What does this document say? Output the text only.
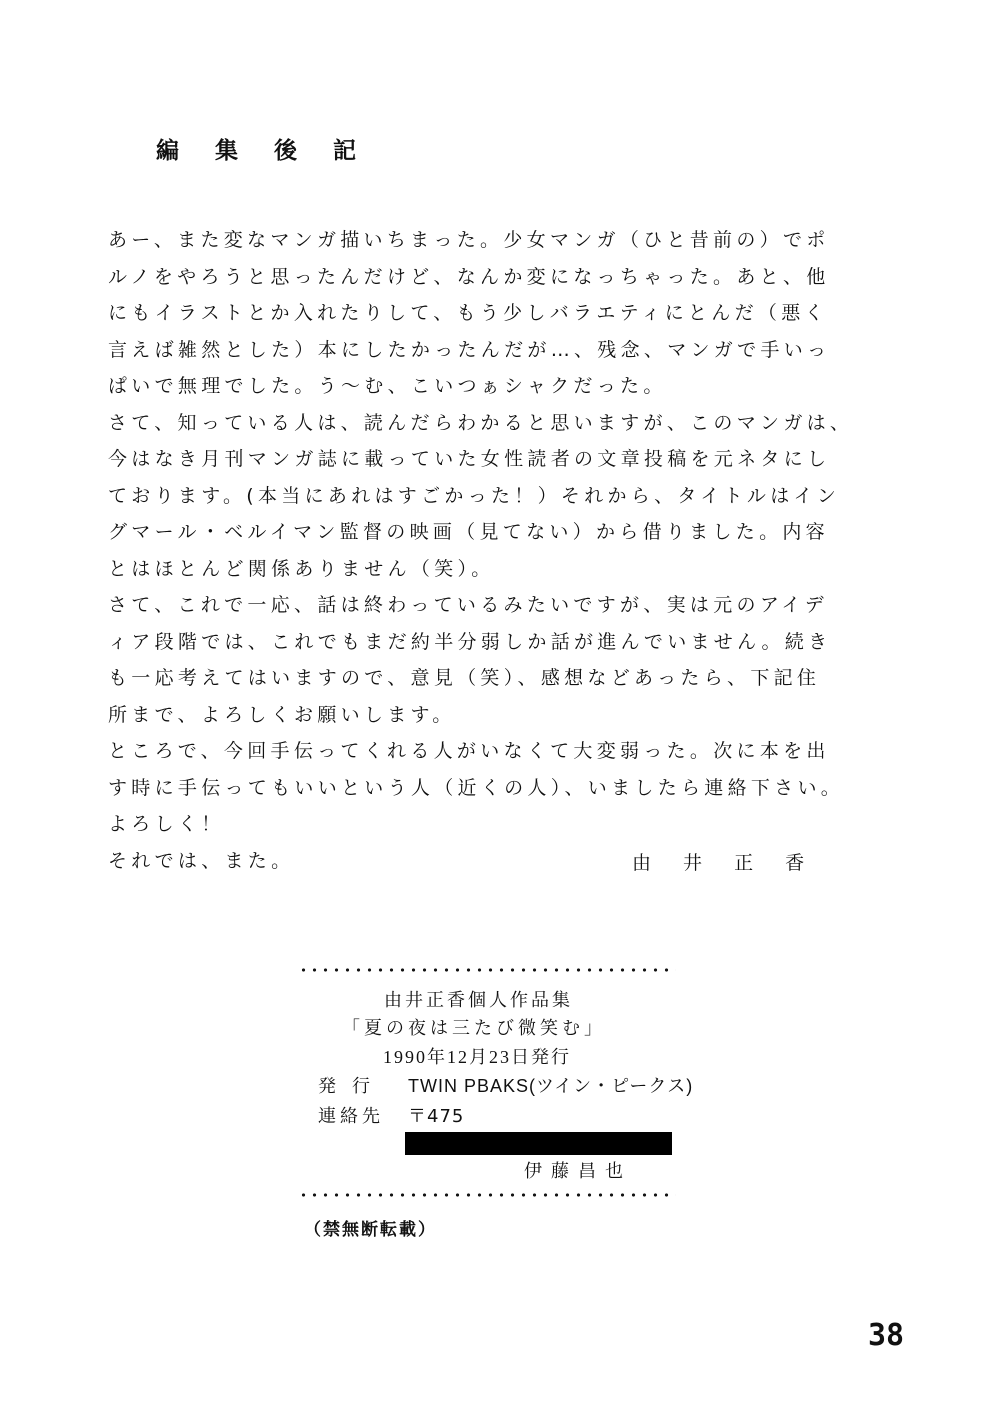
編 集 後 記
あー、また変なマンガ描いちまった。少女マンガ（ひと昔前の）でポ
ルノをやろうと思ったんだけど、なんか変になっちゃった。あと、他
にもイラストとか入れたりして、もう少しバラエティにとんだ（悪く
言えば雑然とした）本にしたかったんだが…、残念、マンガで手いっ
ぱいで無理でした。う～む、こいつぁシャクだった。
さて、知っている人は、読んだらわかると思いますが、このマンガは、
今はなき月刊マンガ誌に載っていた女性読者の文章投稿を元ネタにし
ております。(本当にあれはすごかった！）それから、タイトルはイン
グマール・ベルイマン監督の映画（見てない）から借りました。内容
とはほとんど関係ありません（笑）。
さて、これで一応、話は終わっているみたいですが、実は元のアイデ
ィア段階では、これでもまだ約半分弱しか話が進んでいません。続き
も一応考えてはいますので、意見（笑）、感想などあったら、下記住
所まで、よろしくお願いします。
ところで、今回手伝ってくれる人がいなくて大変弱った。次に本を出
す時に手伝ってもいいという人（近くの人）、いましたら連絡下さい。
よろしく！
それでは、また。	由 井 正 香
由井正香個人作品集
「夏の夜は三たび微笑む」
1990年12月23日発行
発行 TWIN PBAKS(ツイン・ピークス)
連絡先 〒475
伊藤昌也
（禁無断転載）
38
